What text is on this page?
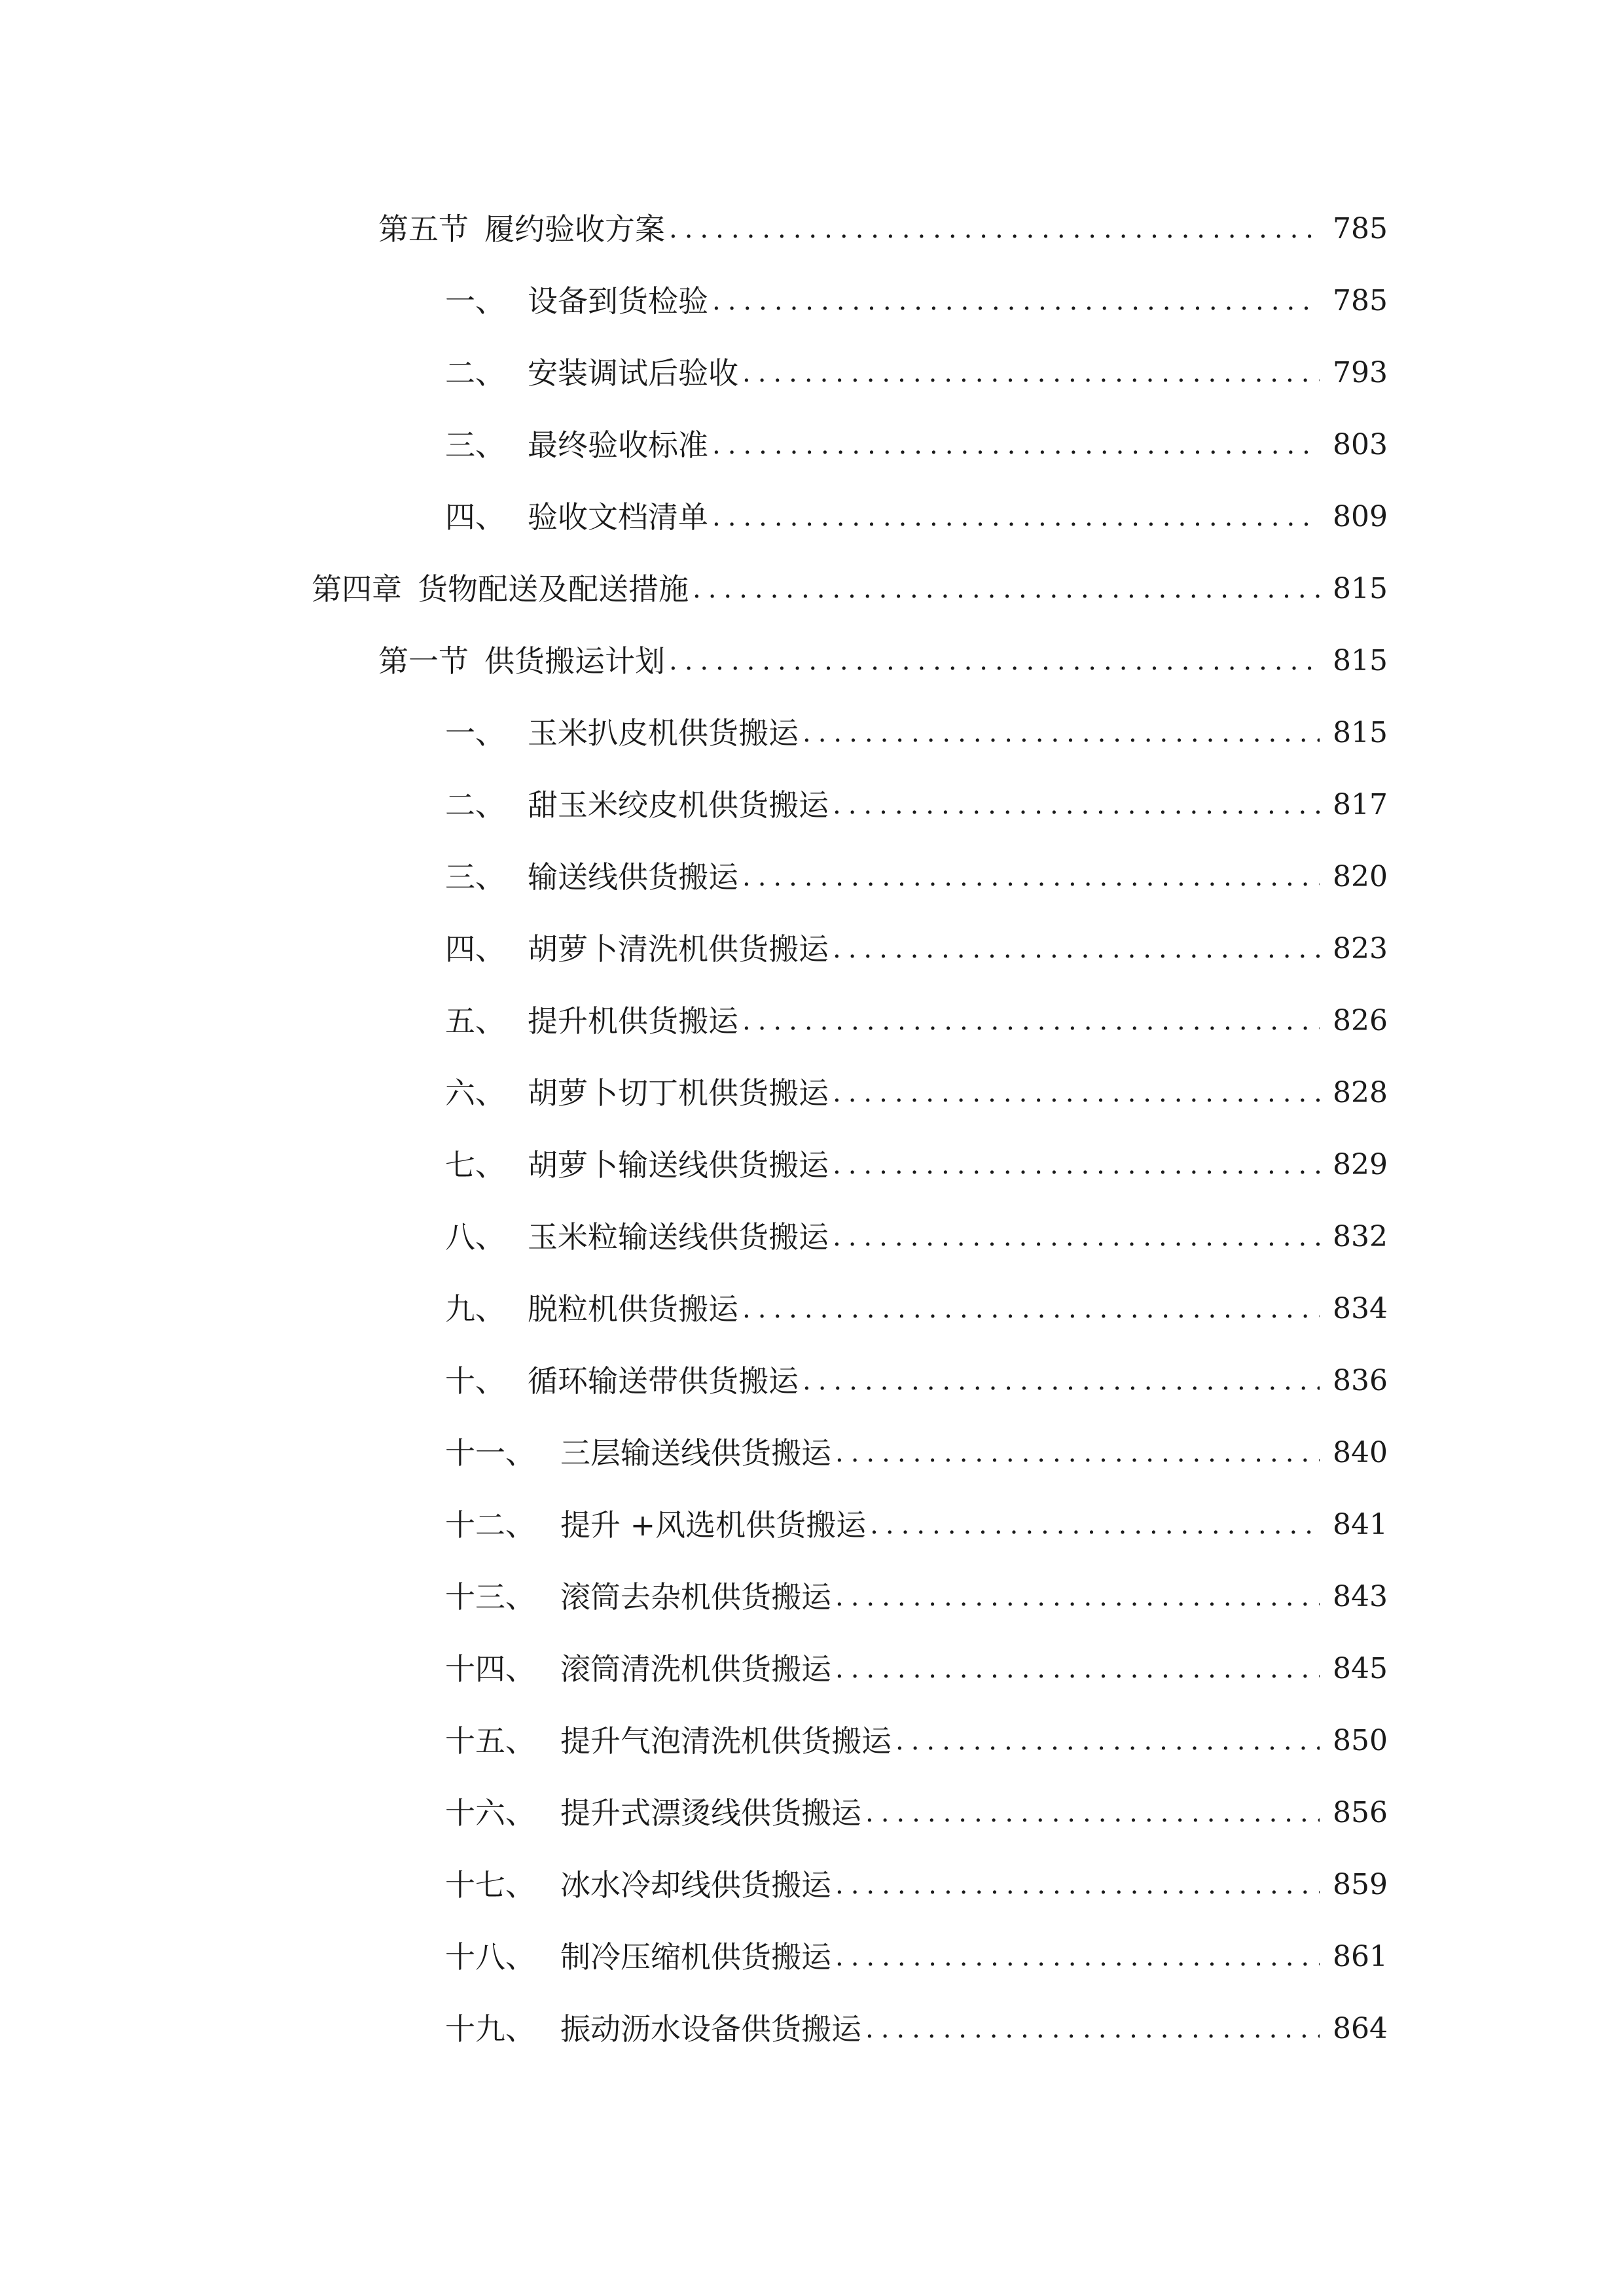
第五节 履约验收方案 .....	785
一、 设备到货检验 .....	785
二、 安装调试后验收 .....	793
三、 最终验收标准 .....	803
四、 验收文档清单 .....	809
第四章 货物配送及配送措施 .....	815
第一节 供货搬运计划 .....	815
一、 玉米扒皮机供货搬运 .....	815
二、 甜玉米绞皮机供货搬运 .....	817
三、 输送线供货搬运 .....	820
四、 胡萝卜清洗机供货搬运 .....	823
五、 提升机供货搬运 .....	826
六、 胡萝卜切丁机供货搬运 .....	828
七、 胡萝卜输送线供货搬运 .....	829
八、 玉米粒输送线供货搬运 .....	832
九、 脱粒机供货搬运 .....	834
十、 循环输送带供货搬运 .....	836
十一、 三层输送线供货搬运 .....	840
十二、 提升 +风选机供货搬运 .....	841
十三、 滚筒去杂机供货搬运 .....	843
十四、 滚筒清洗机供货搬运 .....	845
十五、 提升气泡清洗机供货搬运 .....	850
十六、 提升式漂烫线供货搬运 .....	856
十七、 冰水冷却线供货搬运 .....	859
十八、 制冷压缩机供货搬运 .....	861
十九、 振动沥水设备供货搬运 .....	864
